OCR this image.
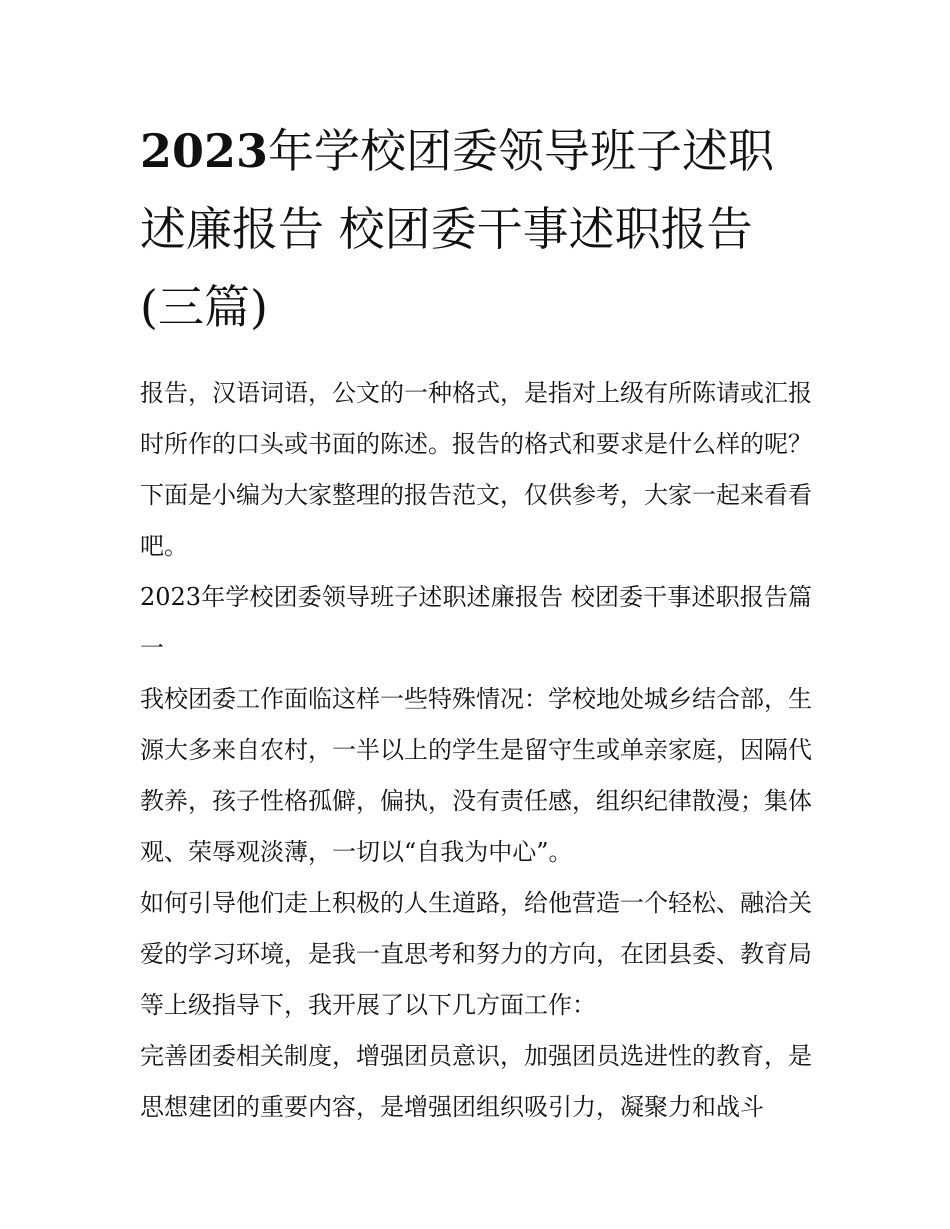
2023年学校团委领导班子述职述廉报告 校团委干事述职报告(三篇)

报告，汉语词语，公文的一种格式，是指对上级有所陈请或汇报时所作的口头或书面的陈述。报告的格式和要求是什么样的呢？下面是小编为大家整理的报告范文，仅供参考，大家一起来看看吧。

2023年学校团委领导班子述职述廉报告 校团委干事述职报告篇一

我校团委工作面临这样一些特殊情况：学校地处城乡结合部，生源大多来自农村，一半以上的学生是留守生或单亲家庭，因隔代教养，孩子性格孤僻，偏执，没有责任感，组织纪律散漫；集体观、荣辱观淡薄，一切以“自我为中心”。

如何引导他们走上积极的人生道路，给他营造一个轻松、融洽关爱的学习环境，是我一直思考和努力的方向，在团县委、教育局等上级指导下，我开展了以下几方面工作：

完善团委相关制度，增强团员意识，加强团员选进性的教育，是思想建团的重要内容，是增强团组织吸引力，凝聚力和战斗
